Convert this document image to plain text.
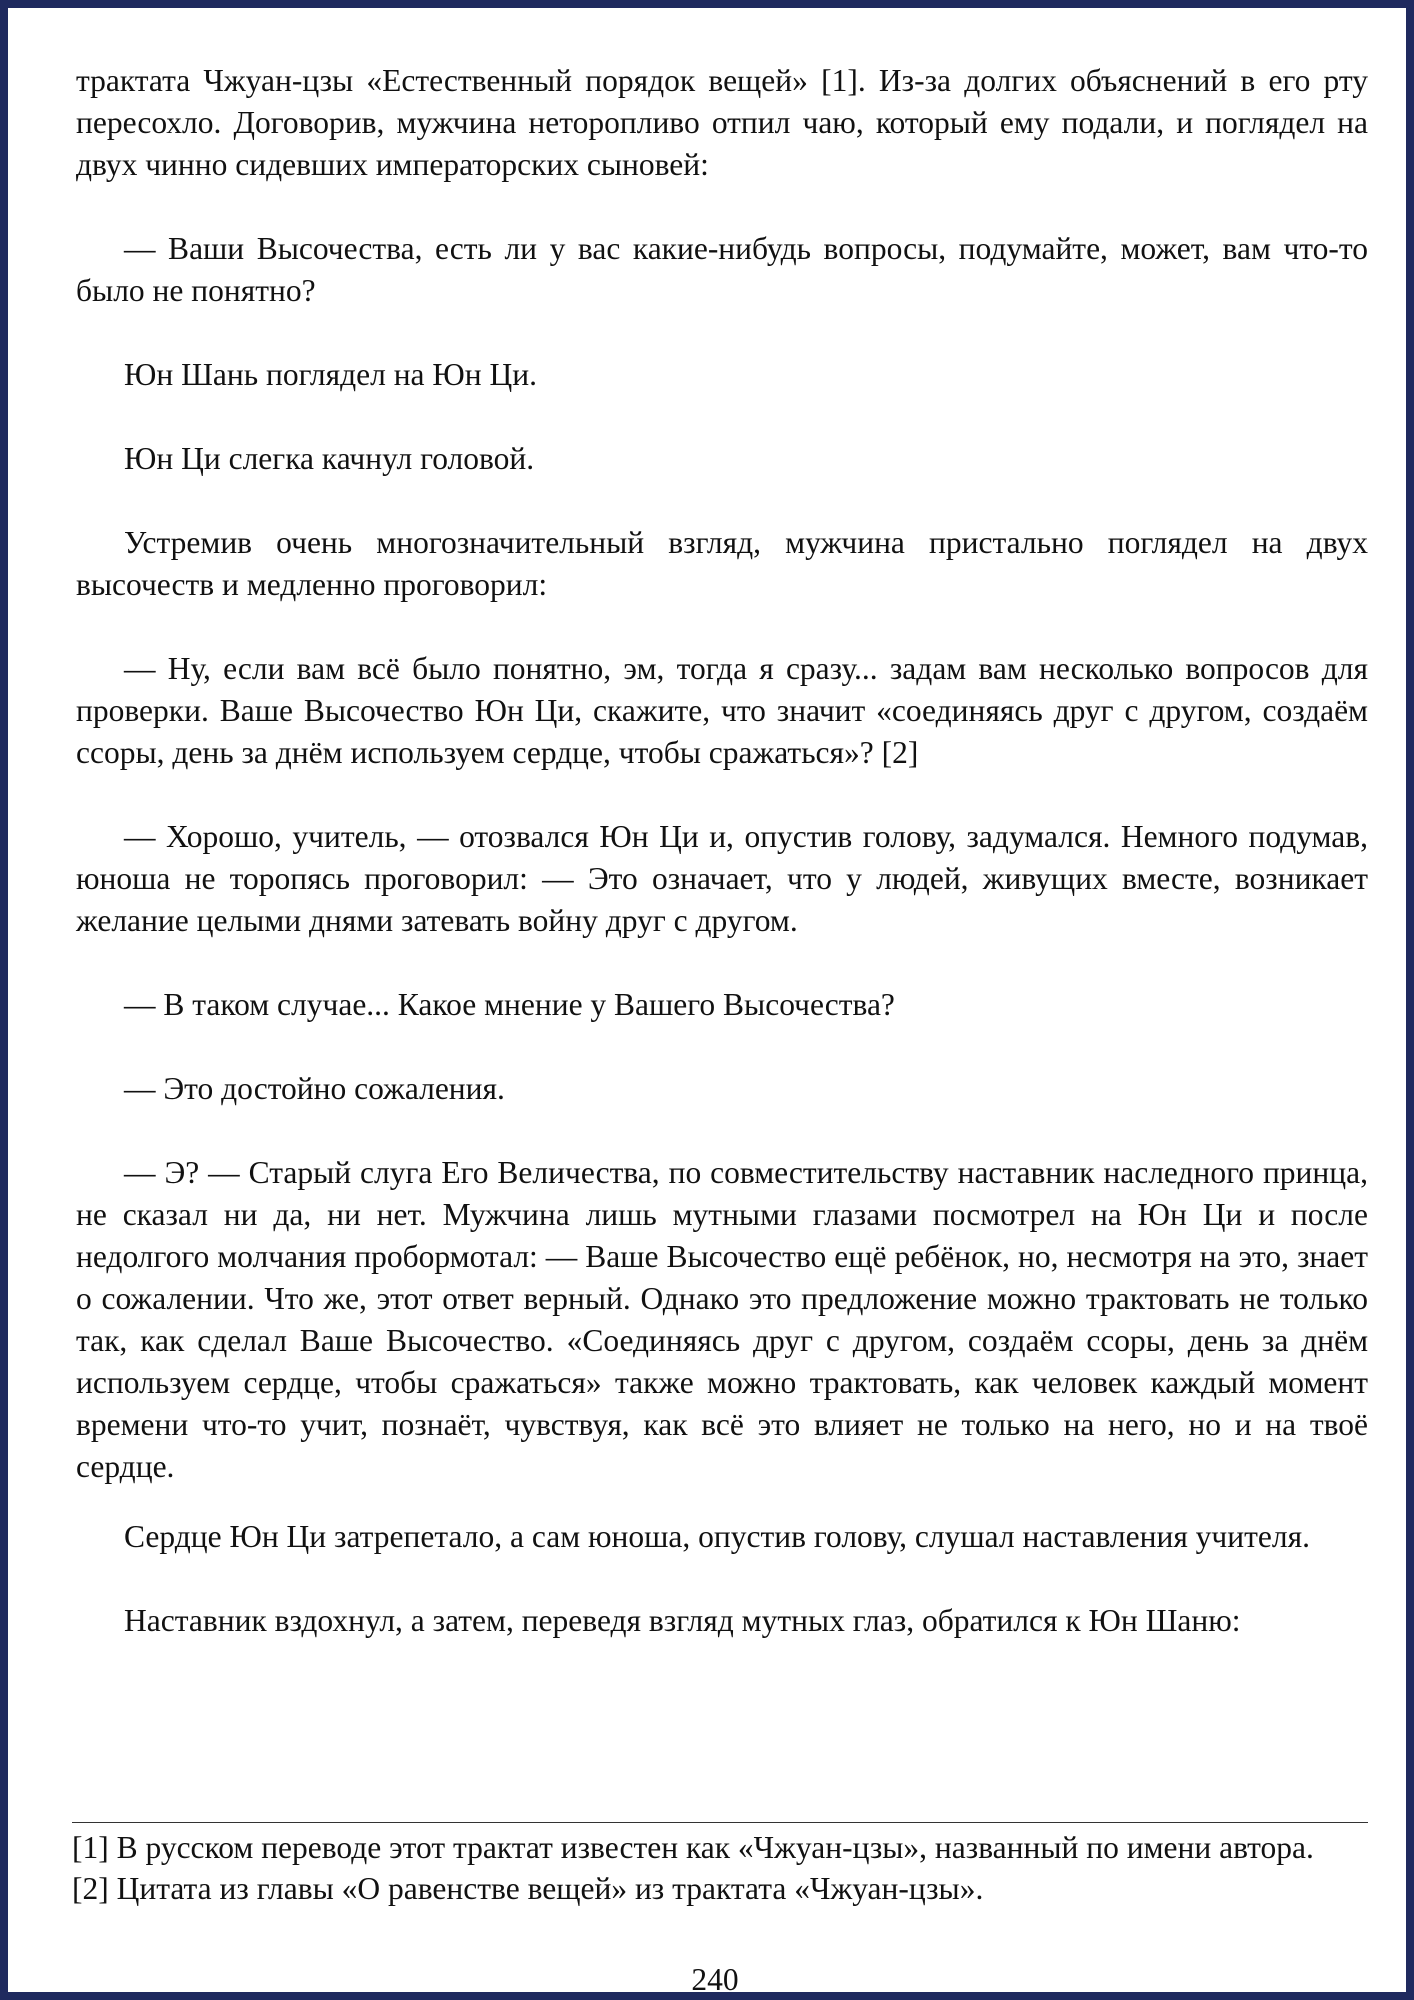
трактата Чжуан-цзы «Естественный порядок вещей» [1]. Из-за долгих объяснений в его рту пересохло. Договорив, мужчина неторопливо отпил чаю, который ему подали, и поглядел на двух чинно сидевших императорских сыновей:

— Ваши Высочества, есть ли у вас какие-нибудь вопросы, подумайте, может, вам что-то было не понятно?

Юн Шань поглядел на Юн Ци.

Юн Ци слегка качнул головой.

Устремив очень многозначительный взгляд, мужчина пристально поглядел на двух высочеств и медленно проговорил:

— Ну, если вам всё было понятно, эм, тогда я сразу... задам вам несколько вопросов для проверки. Ваше Высочество Юн Ци, скажите, что значит «соединяясь друг с другом, создаём ссоры, день за днём используем сердце, чтобы сражаться»? [2]

— Хорошо, учитель, — отозвался Юн Ци и, опустив голову, задумался. Немного подумав, юноша не торопясь проговорил: — Это означает, что у людей, живущих вместе, возникает желание целыми днями затевать войну друг с другом.

— В таком случае... Какое мнение у Вашего Высочества?

— Это достойно сожаления.

— Э? — Старый слуга Его Величества, по совместительству наставник наследного принца, не сказал ни да, ни нет. Мужчина лишь мутными глазами посмотрел на Юн Ци и после недолгого молчания пробормотал: — Ваше Высочество ещё ребёнок, но, несмотря на это, знает о сожалении. Что же, этот ответ верный. Однако это предложение можно трактовать не только так, как сделал Ваше Высочество. «Соединяясь друг с другом, создаём ссоры, день за днём используем сердце, чтобы сражаться» также можно трактовать, как человек каждый момент времени что-то учит, познаёт, чувствуя, как всё это влияет не только на него, но и на твоё сердце.

Сердце Юн Ци затрепетало, а сам юноша, опустив голову, слушал наставления учителя.

Наставник вздохнул, а затем, переведя взгляд мутных глаз, обратился к Юн Шаню:

[1] В русском переводе этот трактат известен как «Чжуан-цзы», названный по имени автора.

[2] Цитата из главы «О равенстве вещей» из трактата «Чжуан-цзы».

240
